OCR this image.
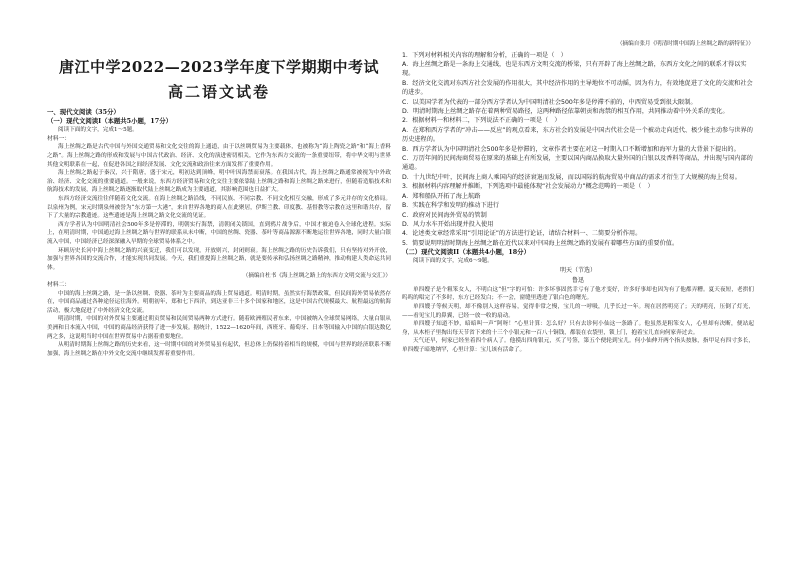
唐江中学2022—2023学年度下学期期中考试
高二语文试卷

一、现代文阅读（35分）

（一）现代文阅读I（本题共5小题，17分）

阅读下面的文字，完成1～5题。

材料一：

海上丝绸之路是古代中国与外国交通贸易和文化交往的海上通道，由于以丝绸贸易为主要载体，也被称为“海上陶瓷之路”和“海上香料之路”。海上丝绸之路的形成和发展与中国古代政治、经济、文化的演进密切相关，它作为东西方交流的一条重要纽带，将中华文明与世界其他文明联系在一起，在促进各国之间经济发展、文化交流和政治往来方面发挥了重要作用。

海上丝绸之路起于秦汉，兴于隋唐，盛于宋元，明初达到顶峰，明中叶因海禁而衰落。在我国古代，海上丝绸之路通常被视为中外政治、经济、文化交流的重要通道。一般来说，东西方经济贸易和文化交往主要依靠陆上丝绸之路和海上丝绸之路来进行，但随着造船技术和航海技术的发展，海上丝绸之路逐渐取代陆上丝绸之路成为主要通道，其影响范围也日益扩大。

东西方经济交流往往伴随着文化交流。在海上丝绸之路沿线，不同民族、不同宗教、不同文化相互交融，形成了多元并存的文化格局。以泉州为例，宋元时期泉州被誉为“东方第一大港”，来自世界各地的商人在此聚居，伊斯兰教、印度教、基督教等宗教在这里和谐共存，留下了大量的宗教遗迹。这些遗迹是海上丝绸之路文化交流的见证。

西方学者认为中国明清社会500年多是停滞的，明朝实行海禁，清朝闭关锁国，直到鸦片战争后，中国才被迫卷入全球化进程。实际上，在明清时期，中国通过海上丝绸之路与世界的联系从未中断，中国的丝绸、瓷器、茶叶等商品源源不断地运往世界各地，同时大量白银流入中国，中国经济已经深深融入早期的全球贸易体系之中。

环顾历史长河中海上丝绸之路的兴衰变迁，我们可以发现，开放则兴，封闭则衰。海上丝绸之路的历史告诉我们，只有坚持对外开放，加强与世界各国的交流合作，才能实现共同发展。今天，我们重提海上丝绸之路，就是要传承和弘扬丝绸之路精神，推动构建人类命运共同体。

（摘编自杜书《海上丝绸之路上的东西方文明交流与交汇》）

材料二：

中国的海上丝绸之路，是一条以丝绸、瓷器、茶叶为主要商品的海上贸易通道。明清时期，虽然实行海禁政策，但民间海外贸易依然存在，中国商品通过各种途径运往海外。明朝初年，郑和七下西洋，到达亚非三十多个国家和地区，这是中国古代规模最大、航程最远的航海活动，极大地促进了中外经济文化交流。

明清时期，中国的对外贸易主要通过朝贡贸易和民间贸易两种方式进行。随着欧洲殖民者东来，中国被纳入全球贸易网络，大量白银从美洲和日本流入中国，中国的商品经济获得了进一步发展。据统计，1522—1620年间，西班牙、葡萄牙、日本等国输入中国的白银达数亿两之多，这说明当时中国在世界贸易中占据着重要地位。

从明清时期海上丝绸之路的历史来看，这一时期中国的对外贸易虽有起伏，但总体上仍保持着相当的规模，中国与世界的经济联系不断加强，海上丝绸之路在中外文化交流中继续发挥着重要作用。

（摘编自张月《明清时期中国海上丝绸之路的新特征》）

1．下列对材料相关内容的理解和分析，正确的一项是（　）

A．海上丝绸之路是一条海上交通线，也是东西方文明交流的桥梁，只有开辟了海上丝绸之路，东西方文化之间的联系才得以实现。

B．经济文化交流对东西方社会发展的作用很大，其中经济作用的主导地位不可动摇，因为有力，有效地促进了文化的交流和社会的进步。

C．以美国学者为代表的一部分西方学者认为中国明清社会500年多是停滞不前的，中西贸易受到很大限制。

D．明清时期海上丝绸之路存在着两种贸易路径，这两种路径依靠朝贡和海禁的相互作用，共同推动着中外关系的变化。

2．根据材料一和材料二，下列说法不正确的一项是（　）

A．在郑和西方学者的“冲击——反应”的观点看来，东方社会的发展是中国古代社会是一个被动走向近代、极少能主动参与世界的历史进程的。

B．西方学者认为中国明清社会500年多是停滞的，文章作者主要在对这一时期入口不断增加和海军力量的大背景下提出的。

C．万历年间的民间海商贸易在原来的基础上有所发展，主要以国内商品换取大量外国的白银以及香料等商品，并出现与国内部的通道。

D．十九世纪中叶，民间海上商人乘国内的经济衰退而发展，而以国际的航海贸易中商品的需求才衍生了大规模的海上贸易。

3．根据材料内容理解并推断，下列选项中最能体现“社会发展动力”概念范畴的一项是（　）

A．郑和船队开拓了海上航路

B．实践在科学和发明的推动下进行

C．政府对民间海外贸易的管制

D．风力水车开始出现并投入使用

4．论述类文章经常采用“引用论证”的方法进行论证，请结合材料一、二简要分析作用。

5．简要说明明清时期海上丝绸之路在近代以来对中国海上丝绸之路的发展有着哪些方面的重要价值。

（二）现代文阅读II（本题共4小题，18分）

阅读下面的文字，完成6～9题。

明天（节选）

鲁迅

单四嫂子是个粗笨女人，不明白这“但”字的可怕：许多坏事固然幸亏有了他才变好，许多好事却也因为有了他都弄糟。夏天夜短，老拱们呜呜的唱完了不多时，东方已经发白；不一会，窗缝里透进了银白色的曙光。

单四嫂子等候天明，却不像别人这样容易，觉得非常之慢，宝儿的一呼吸，几乎长过一年。现在居然明亮了；天的明亮，压倒了灯光，——看见宝儿的鼻翼，已经一放一收的扇动。

单四嫂子知道不妙，暗暗叫一声“阿呀！”心里计算：怎么好？只有去诊何小仙这一条路了。他虽然是粗笨女人，心里却有决断，便站起身，从木柜子里掏出每天节省下来的十三个小银元和一百八十铜钱，都装在衣袋里，锁上门，抱着宝儿直向何家奔过去。

天气还早，何家已经坐着四个病人了。他摸出四角银元，买了号签，第五个便轮到宝儿。何小仙伸开两个指头按脉，指甲足有四寸多长，单四嫂子暗地纳罕，心里计算：宝儿该有活命了。
